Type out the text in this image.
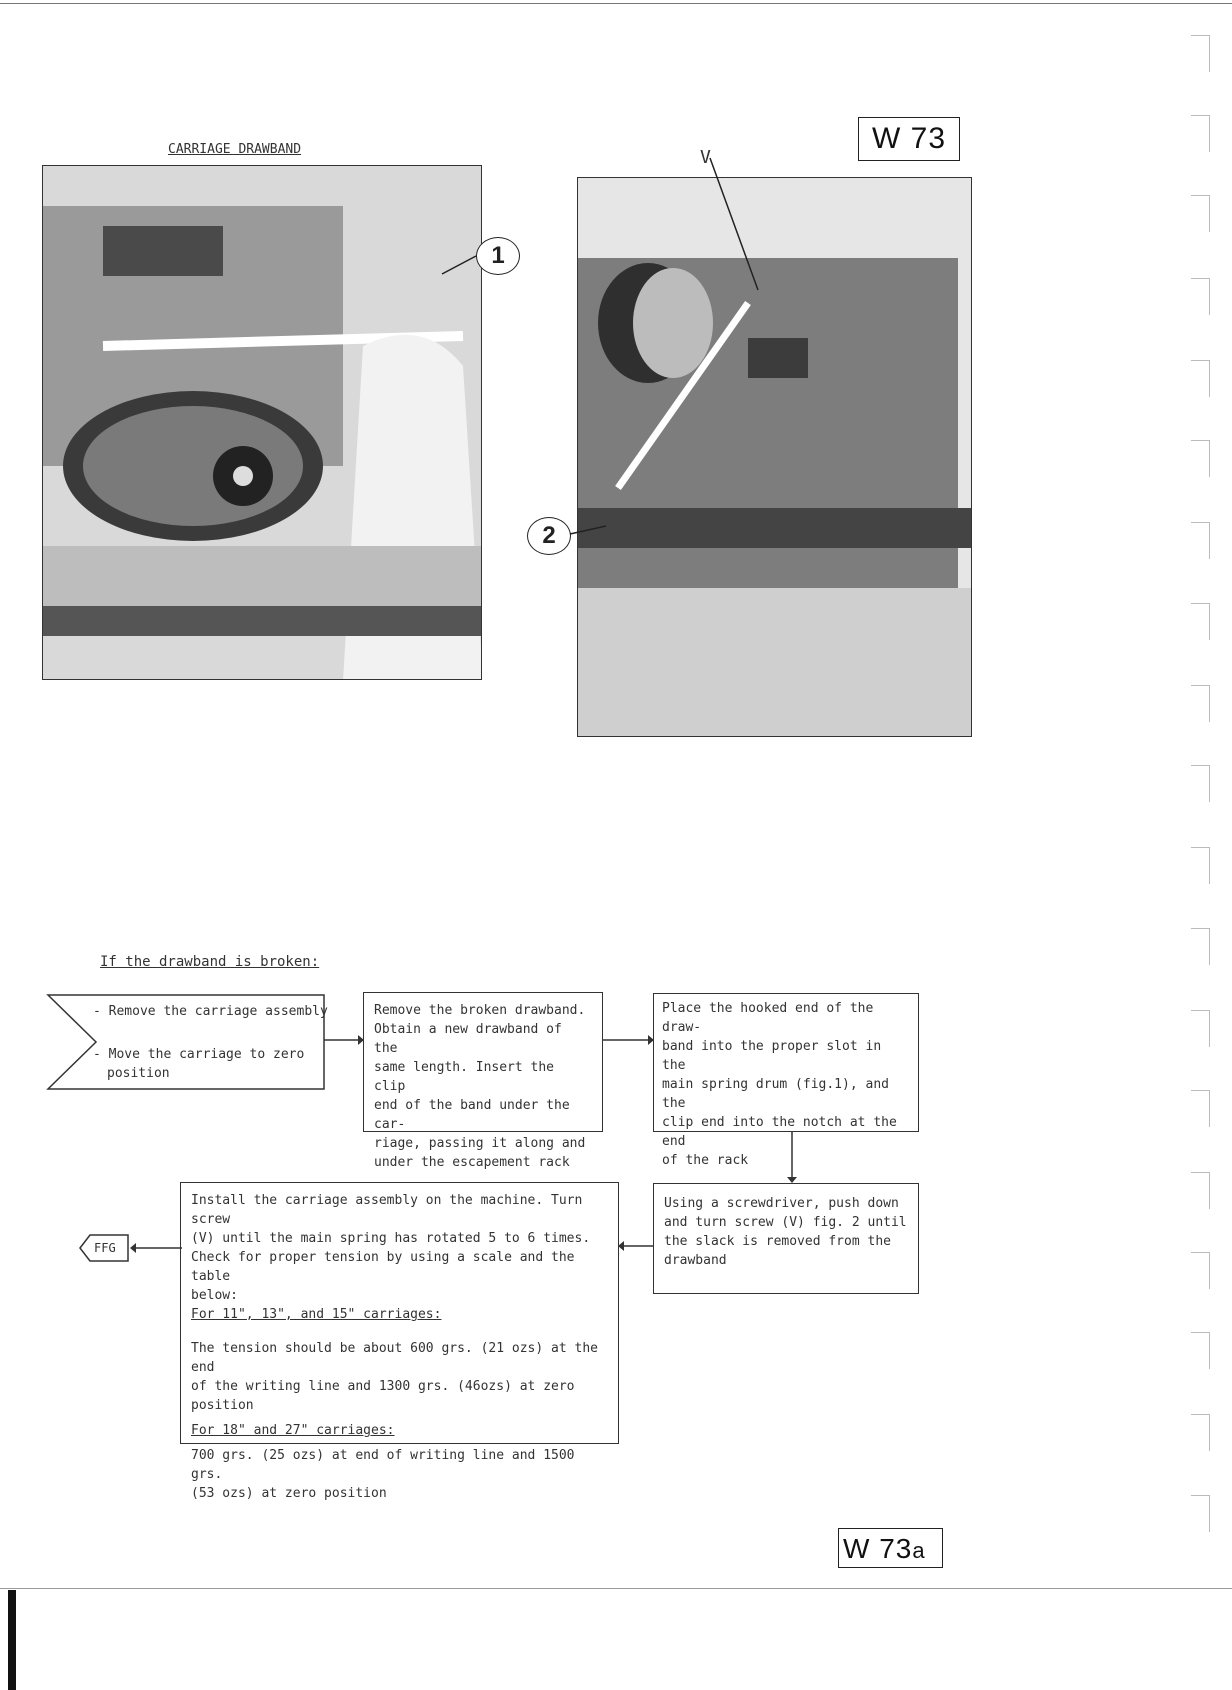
W 73
CARRIAGE DRAWBAND
1
V
2
If the drawband is broken:
- Remove the carriage assembly
- Move the carriage to zero
position
Remove the broken drawband.
Obtain a new drawband of the
same length. Insert the clip
end of the band under the car-
riage, passing it along and
under the escapement rack
Place the hooked end of the draw-
band into the proper slot in the
main spring drum (fig.1), and the
clip end into the notch at the end
of the rack
Using a screwdriver, push down
and turn screw (V) fig. 2 until
the slack is removed from the
drawband
Install the carriage assembly on the machine. Turn screw
(V) until the main spring has rotated 5 to 6 times.
Check for proper tension by using a scale and the table
below:
For 11", 13", and 15" carriages:
The tension should be about 600 grs. (21 ozs) at the end
of the writing line and 1300 grs. (46ozs) at zero position
For 18" and 27" carriages:
700 grs. (25 ozs) at end of writing line and 1500 grs.
(53 ozs) at zero position
FFG
W 73a
